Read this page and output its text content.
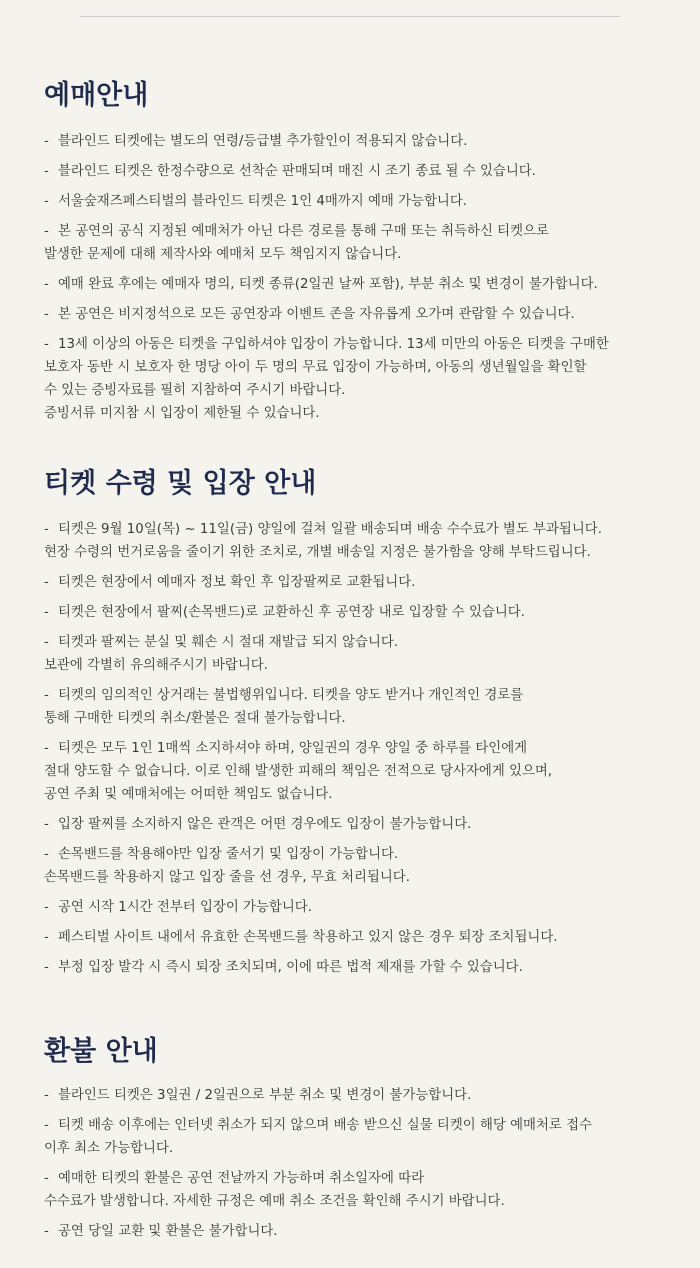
예매안내
- 블라인드 티켓에는 별도의 연령/등급별 추가할인이 적용되지 않습니다.
- 블라인드 티켓은 한정수량으로 선착순 판매되며 매진 시 조기 종료 될 수 있습니다.
- 서울숲재즈페스티벌의 블라인드 티켓은 1인 4매까지 예매 가능합니다.
- 본 공연의 공식 지정된 예매처가 아닌 다른 경로를 통해 구매 또는 취득하신 티켓으로
발생한 문제에 대해 제작사와 예매처 모두 책임지지 않습니다.
- 예매 완료 후에는 예매자 명의, 티켓 종류(2일권 날짜 포함), 부분 취소 및 변경이 불가합니다.
- 본 공연은 비지정석으로 모든 공연장과 이벤트 존을 자유롭게 오가며 관람할 수 있습니다.
- 13세 이상의 아동은 티켓을 구입하셔야 입장이 가능합니다. 13세 미만의 아동은 티켓을 구매한
보호자 동반 시 보호자 한 명당 아이 두 명의 무료 입장이 가능하며, 아동의 생년월일을 확인할
수 있는 증빙자료를 필히 지참하여 주시기 바랍니다.
증빙서류 미지참 시 입장이 제한될 수 있습니다.
티켓 수령 및 입장 안내
- 티켓은 9월 10일(목) ~ 11일(금) 양일에 걸쳐 일괄 배송되며 배송 수수료가 별도 부과됩니다.
현장 수령의 번거로움을 줄이기 위한 조치로, 개별 배송일 지정은 불가함을 양해 부탁드립니다.
- 티켓은 현장에서 예매자 정보 확인 후 입장팔찌로 교환됩니다.
- 티켓은 현장에서 팔찌(손목밴드)로 교환하신 후 공연장 내로 입장할 수 있습니다.
- 티켓과 팔찌는 분실 및 훼손 시 절대 재발급 되지 않습니다.
보관에 각별히 유의해주시기 바랍니다.
- 티켓의 임의적인 상거래는 불법행위입니다. 티켓을 양도 받거나 개인적인 경로를
통해 구매한 티켓의 취소/환불은 절대 불가능합니다.
- 티켓은 모두 1인 1매씩 소지하셔야 하며, 양일권의 경우 양일 중 하루를 타인에게
절대 양도할 수 없습니다. 이로 인해 발생한 피해의 책임은 전적으로 당사자에게 있으며,
공연 주최 및 예매처에는 어떠한 책임도 없습니다.
- 입장 팔찌를 소지하지 않은 관객은 어떤 경우에도 입장이 불가능합니다.
- 손목밴드를 착용해야만 입장 줄서기 및 입장이 가능합니다.
손목밴드를 착용하지 않고 입장 줄을 선 경우, 무효 처리됩니다.
- 공연 시작 1시간 전부터 입장이 가능합니다.
- 페스티벌 사이트 내에서 유효한 손목밴드를 착용하고 있지 않은 경우 퇴장 조치됩니다.
- 부정 입장 발각 시 즉시 퇴장 조치되며, 이에 따른 법적 제재를 가할 수 있습니다.
환불 안내
- 블라인드 티켓은 3일권 / 2일권으로 부분 취소 및 변경이 불가능합니다.
- 티켓 배송 이후에는 인터넷 취소가 되지 않으며 배송 받으신 실물 티켓이 해당 예매처로 접수
이후 최소 가능합니다.
- 예매한 티켓의 환불은 공연 전날까지 가능하며 취소일자에 따라
수수료가 발생합니다. 자세한 규정은 예매 취소 조건을 확인해 주시기 바랍니다.
- 공연 당일 교환 및 환불은 불가합니다.
